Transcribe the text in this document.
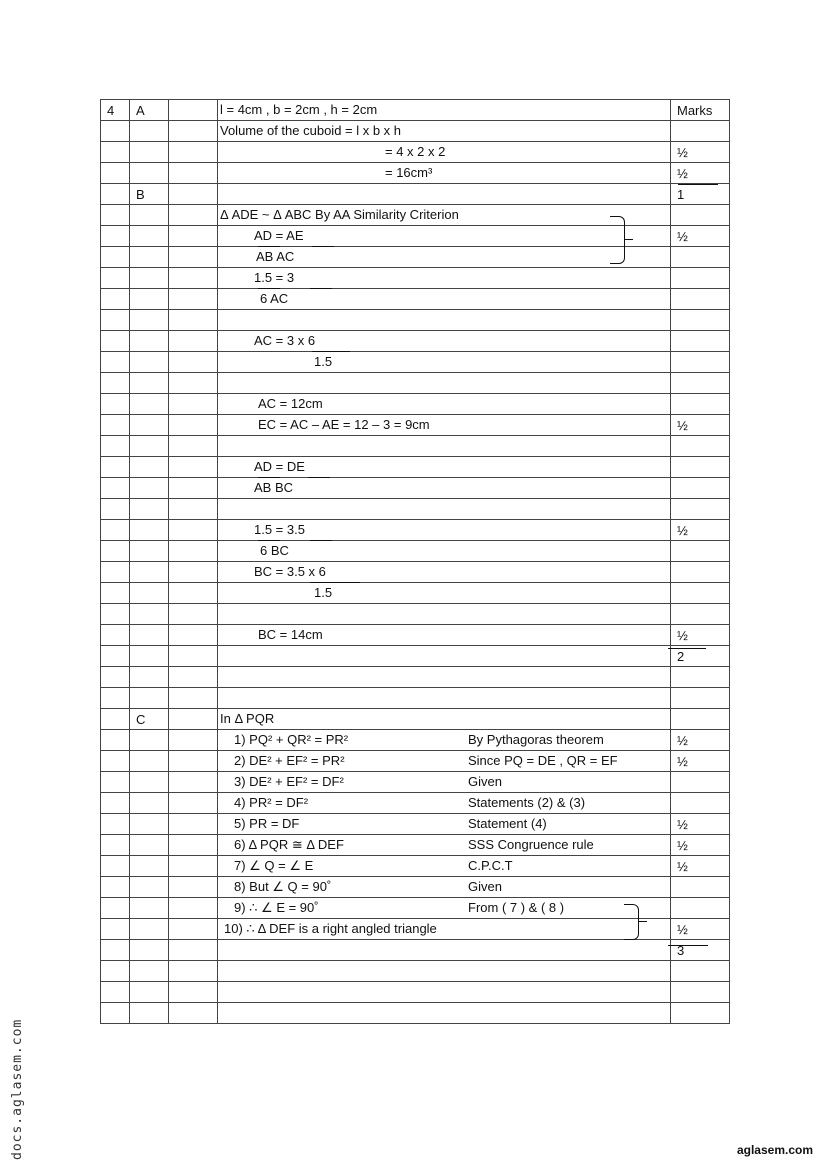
4	A		l = 4cm , b = 2cm , h = 2cm	Marks

			Volume of the cuboid = l x b x h	

			= 4 x 2 x 2	½

			= 16cm³	½
	B			1

			Δ ADE ~ Δ ABC By AA Similarity Criterion	

			AD = AE	½

			AB AC	

			1.5 = 3	

			6 AC	

			AC = 3 x 6	

			1.5	

			AC = 12cm	

			EC = AC – AE = 12 – 3 = 9cm	½

			AD = DE	

			AB BC	

			1.5 = 3.5	½

			6 BC	

			BC = 3.5 x 6	

			1.5	

			BC = 14cm	½
				2

	C		In Δ PQR	

			1) PQ² + QR² = PR² By Pythagoras theorem	½

			2) DE² + EF² = PR² Since PQ = DE , QR = EF	½

			3) DE² + EF² = DF² Given	

			4) PR² = DF² Statements (2) & (3)	

			5) PR = DF Statement (4)	½

			6) Δ PQR ≅ Δ DEF SSS Congruence rule	½

			7) ∠ Q = ∠ E C.P.C.T	½

			8) But ∠ Q = 90˚ Given	

			9) ∴ ∠ E = 90˚ From ( 7 ) & ( 8 )	

			10) ∴ Δ DEF is a right angled triangle	½
				3

docs.aglasem.com	aglasem.com
